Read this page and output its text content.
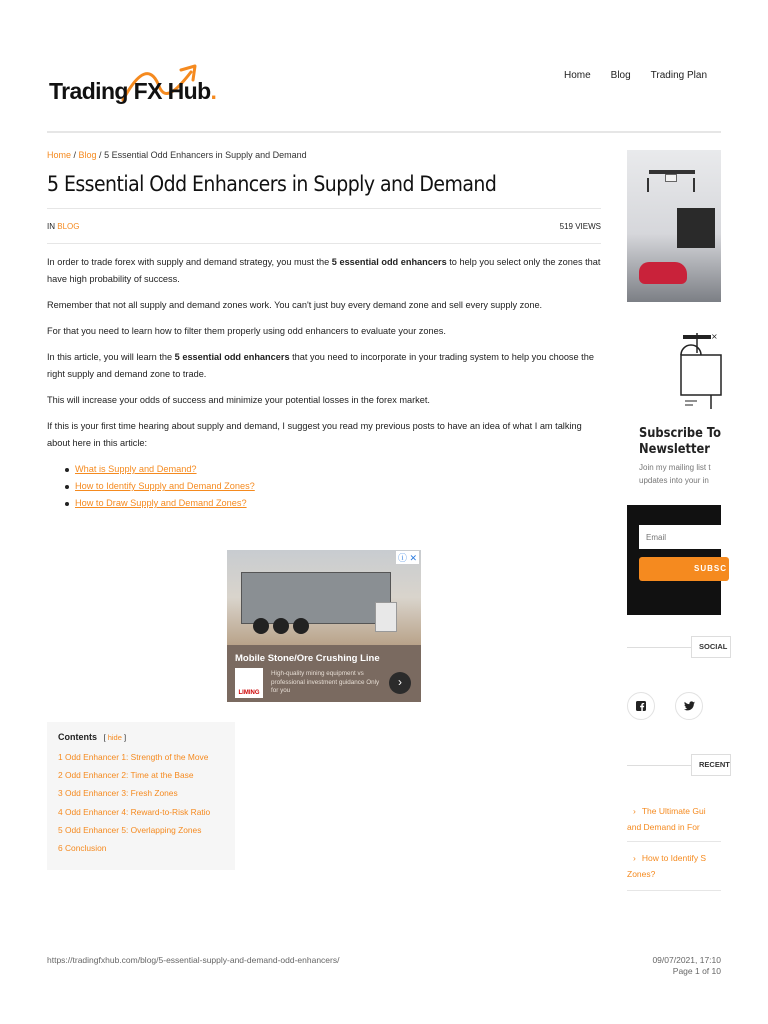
Trading FX Hub.
Home Blog Trading Plan
Home / Blog / 5 Essential Odd Enhancers in Supply and Demand
5 Essential Odd Enhancers in Supply and Demand
IN BLOG	519 VIEWS

In order to trade forex with supply and demand strategy, you must the 5 essential odd enhancers to help you select only the zones that have high probability of success.

Remember that not all supply and demand zones work. You can't just buy every demand zone and sell every supply zone.

For that you need to learn how to filter them properly using odd enhancers to evaluate your zones.

In this article, you will learn the 5 essential odd enhancers that you need to incorporate in your trading system to help you choose the right supply and demand zone to trade.

This will increase your odds of success and minimize your potential losses in the forex market.

If this is your first time hearing about supply and demand, I suggest you read my previous posts to have an idea of what I am talking about here in this article:

What is Supply and Demand?
How to Identify Supply and Demand Zones?
How to Draw Supply and Demand Zones?
ⓘ ✕
Mobile Stone/Ore Crushing Line
LIMING
High-quality mining equipment vs professional investment guidance Only for you
›
Contents [ hide ]
1 Odd Enhancer 1: Strength of the Move
2 Odd Enhancer 2: Time at the Base
3 Odd Enhancer 3: Fresh Zones
4 Odd Enhancer 4: Reward-to-Risk Ratio
5 Odd Enhancer 5: Overlapping Zones
6 Conclusion
×
Subscribe To
Newsletter
Join my mailing list t
updates into your in
Email
SUBSC
SOCIAL
RECENT
› The Ultimate Gui
and Demand in For
› How to Identify S
Zones?
https://tradingfxhub.com/blog/5-essential-supply-and-demand-odd-enhancers/	09/07/2021, 17:10
Page 1 of 10
